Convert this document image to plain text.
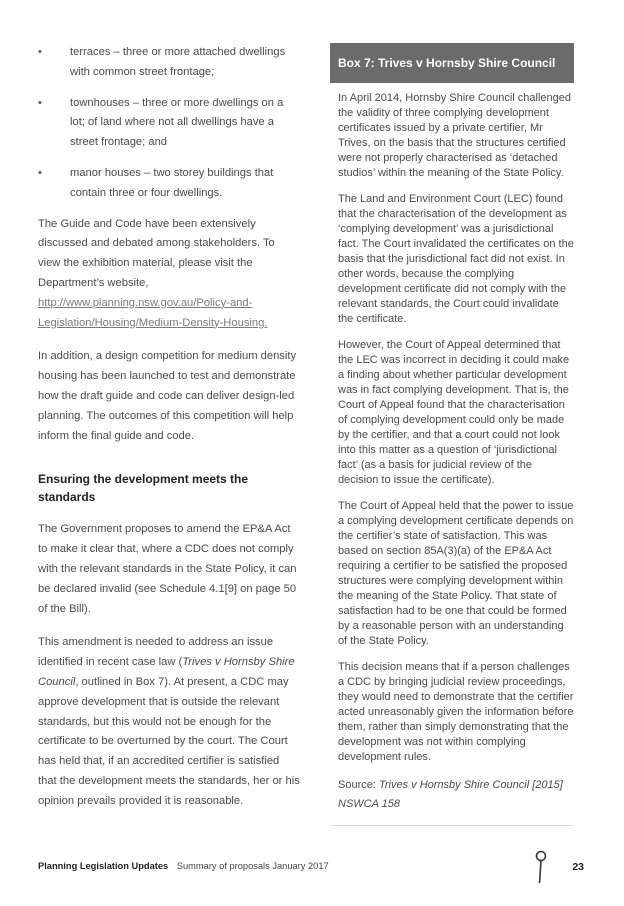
• terraces – three or more attached dwellings with common street frontage;
• townhouses – three or more dwellings on a lot; of land where not all dwellings have a street frontage; and
• manor houses – two storey buildings that contain three or four dwellings.

The Guide and Code have been extensively discussed and debated among stakeholders. To view the exhibition material, please visit the Department’s website, http://www.planning.nsw.gov.au/Policy-and-Legislation/Housing/Medium-Density-Housing.

In addition, a design competition for medium density housing has been launched to test and demonstrate how the draft guide and code can deliver design-led planning. The outcomes of this competition will help inform the final guide and code.

Ensuring the development meets the standards

The Government proposes to amend the EP&A Act to make it clear that, where a CDC does not comply with the relevant standards in the State Policy, it can be declared invalid (see Schedule 4.1[9] on page 50 of the Bill).

This amendment is needed to address an issue identified in recent case law (Trives v Hornsby Shire Council, outlined in Box 7). At present, a CDC may approve development that is outside the relevant standards, but this would not be enough for the certificate to be overturned by the court. The Court has held that, if an accredited certifier is satisfied that the development meets the standards, her or his opinion prevails provided it is reasonable.

Box 7: Trives v Hornsby Shire Council

In April 2014, Hornsby Shire Council challenged the validity of three complying development certificates issued by a private certifier, Mr Trives, on the basis that the structures certified were not properly characterised as ‘detached studios’ within the meaning of the State Policy.

The Land and Environment Court (LEC) found that the characterisation of the development as ‘complying development’ was a jurisdictional fact. The Court invalidated the certificates on the basis that the jurisdictional fact did not exist. In other words, because the complying development certificate did not comply with the relevant standards, the Court could invalidate the certificate.

However, the Court of Appeal determined that the LEC was incorrect in deciding it could make a finding about whether particular development was in fact complying development. That is, the Court of Appeal found that the characterisation of complying development could only be made by the certifier, and that a court could not look into this matter as a question of ‘jurisdictional fact’ (as a basis for judicial review of the decision to issue the certificate).

The Court of Appeal held that the power to issue a complying development certificate depends on the certifier’s state of satisfaction. This was based on section 85A(3)(a) of the EP&A Act requiring a certifier to be satisfied the proposed structures were complying development within the meaning of the State Policy. That state of satisfaction had to be one that could be formed by a reasonable person with an understanding of the State Policy.

This decision means that if a person challenges a CDC by bringing judicial review proceedings, they would need to demonstrate that the certifier acted unreasonably given the information before them, rather than simply demonstrating that the development was not within complying development rules.

Source: Trives v Hornsby Shire Council [2015] NSWCA 158
Planning Legislation Updates Summary of proposals January 2017	23
